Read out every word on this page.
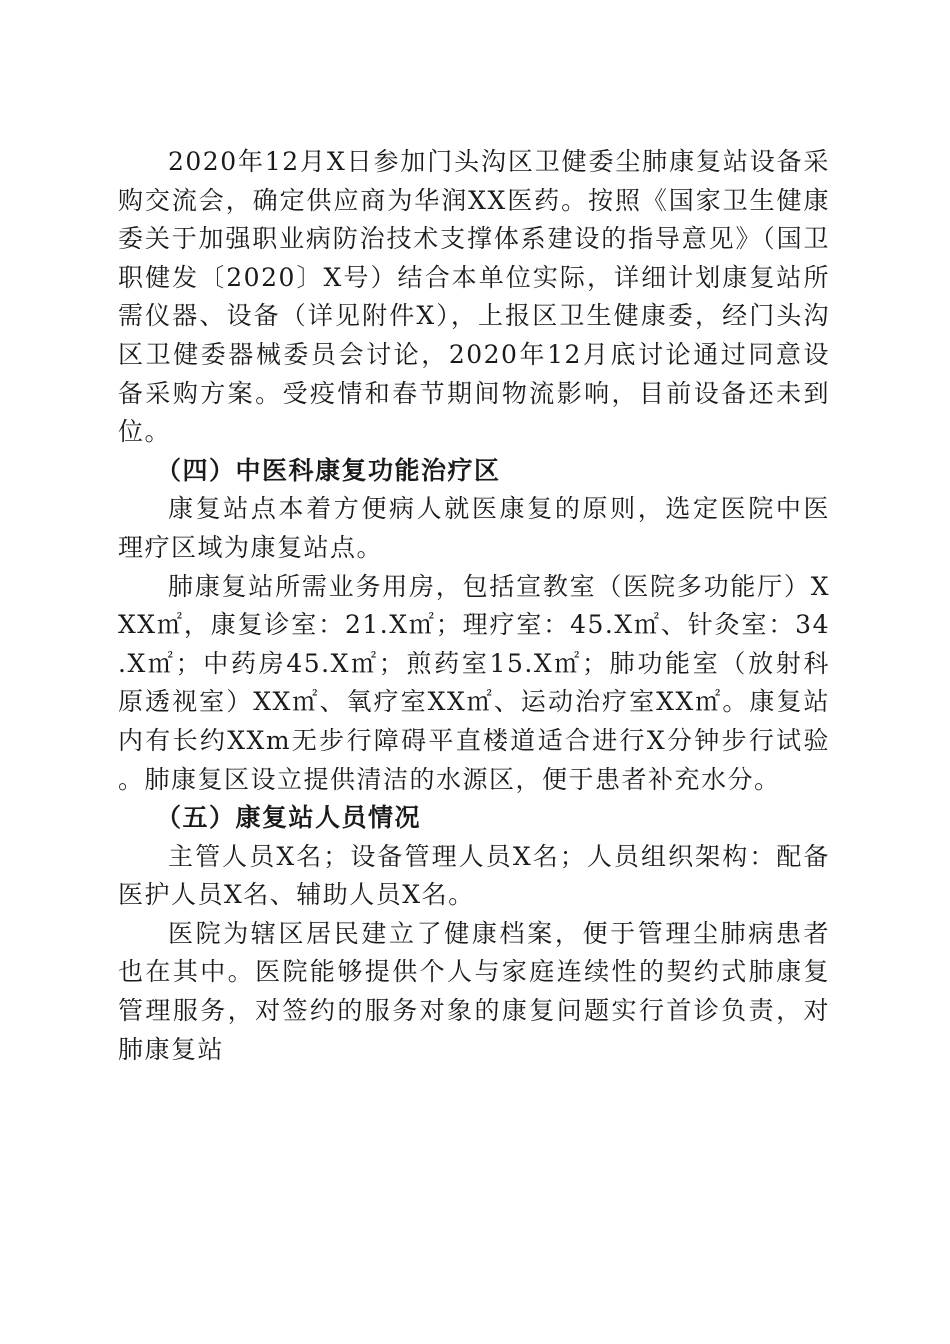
2020年12月X日参加门头沟区卫健委尘肺康复站设备采购交流会，确定供应商为华润XX医药。按照《国家卫生健康委关于加强职业病防治技术支撑体系建设的指导意见》（国卫职健发〔2020〕X号）结合本单位实际，详细计划康复站所需仪器、设备（详见附件X），上报区卫生健康委，经门头沟区卫健委器械委员会讨论，2020年12月底讨论通过同意设备采购方案。受疫情和春节期间物流影响，目前设备还未到位。

（四）中医科康复功能治疗区

康复站点本着方便病人就医康复的原则，选定医院中医理疗区域为康复站点。

肺康复站所需业务用房，包括宣教室（医院多功能厅）XXX㎡，康复诊室：21.X㎡；理疗室：45.X㎡、针灸室：34.X㎡；中药房45.X㎡；煎药室15.X㎡；肺功能室（放射科原透视室）XX㎡、氧疗室XX㎡、运动治疗室XX㎡。康复站内有长约XXm无步行障碍平直楼道适合进行X分钟步行试验。肺康复区设立提供清洁的水源区，便于患者补充水分。

（五）康复站人员情况

主管人员X名；设备管理人员X名；人员组织架构：配备医护人员X名、辅助人员X名。

医院为辖区居民建立了健康档案，便于管理尘肺病患者也在其中。医院能够提供个人与家庭连续性的契约式肺康复管理服务，对签约的服务对象的康复问题实行首诊负责，对肺康复站
